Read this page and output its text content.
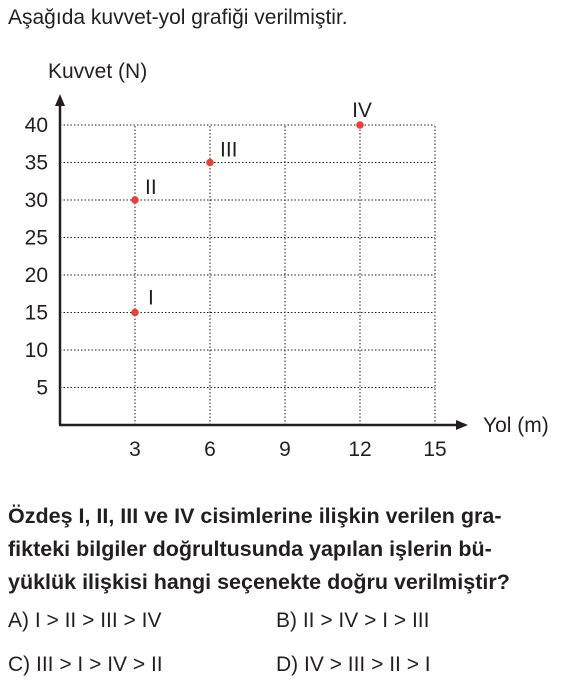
Aşağıda kuvvet-yol grafiği verilmiştir.
5
10
15
20
25
30
35
40
3	6	9	12 15
Kuvvet (N)
Yol (m)
I
II
III
IV
Özdeş I, II, III ve IV cisimlerine ilişkin verilen gra-
fikteki bilgiler doğrultusunda yapılan işlerin bü-
yüklük ilişkisi hangi seçenekte doğru verilmiştir?
A) I > II > III > IV	B) II > IV > I > III
C) III > I > IV > II	D) IV > III > II > I
